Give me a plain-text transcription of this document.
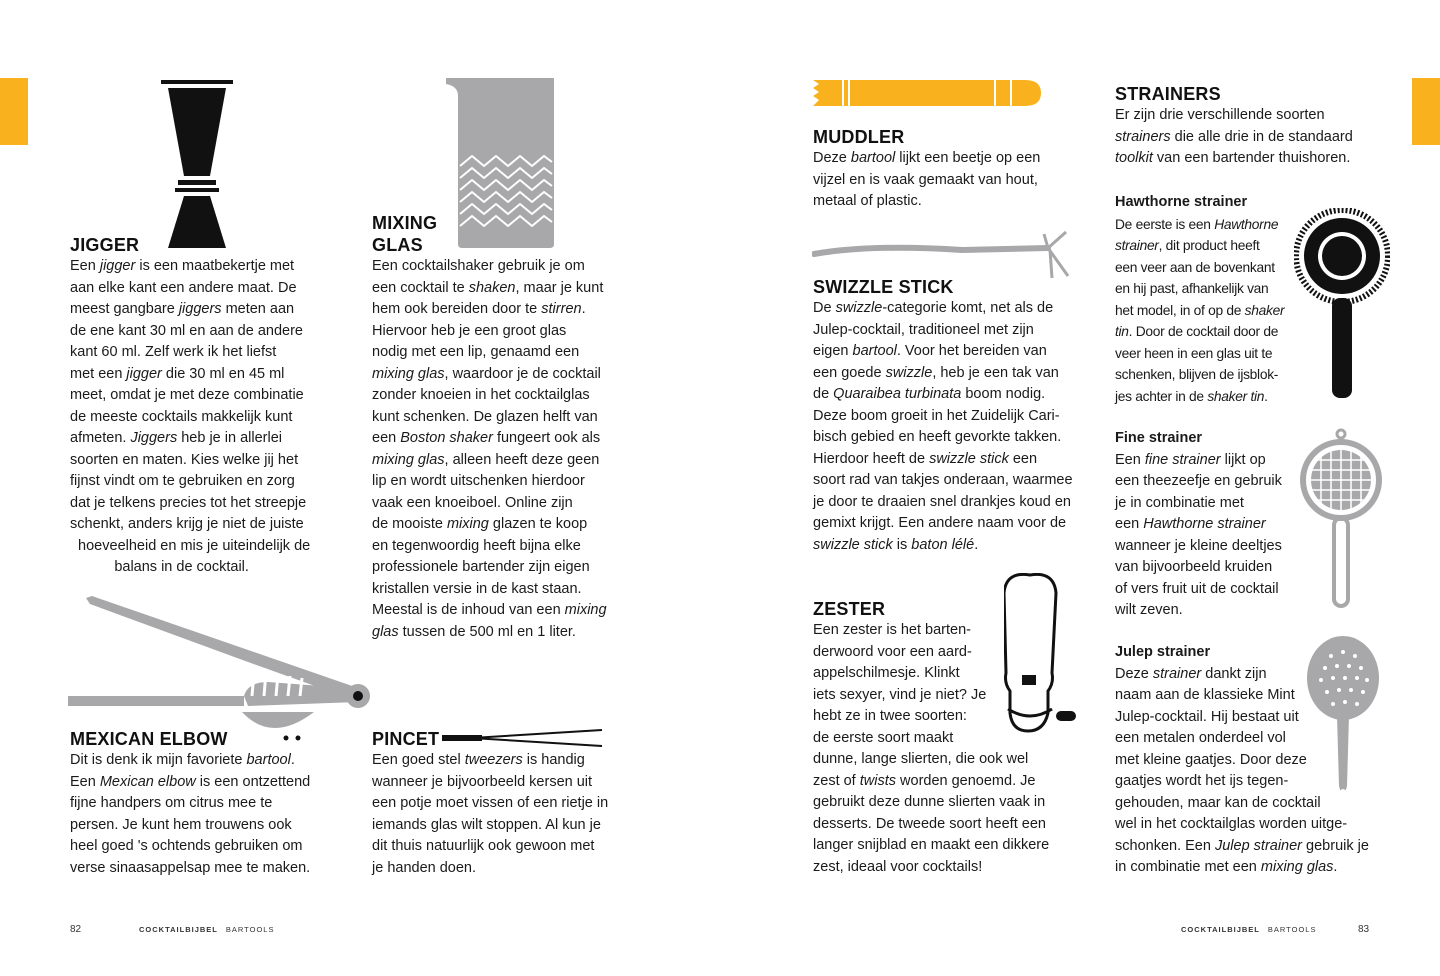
JIGGER
Een jigger is een maatbekertje met
aan elke kant een andere maat. De
meest gangbare jiggers meten aan
de ene kant 30 ml en aan de andere
kant 60 ml. Zelf werk ik het liefst
met een jigger die 30 ml en 45 ml
meet, omdat je met deze combinatie
de meeste cocktails makkelijk kunt
afmeten. Jiggers heb je in allerlei
soorten en maten. Kies welke jij het
fijnst vindt om te gebruiken en zorg
dat je telkens precies tot het streepje
schenkt, anders krijg je niet de juiste
hoeveelheid en mis je uiteindelijk de
balans in de cocktail.
MIXING
GLAS
Een cocktailshaker gebruik je om
een cocktail te shaken, maar je kunt
hem ook bereiden door te stirren.
Hiervoor heb je een groot glas
nodig met een lip, genaamd een
mixing glas, waardoor je de cocktail
zonder knoeien in het cocktailglas
kunt schenken. De glazen helft van
een Boston shaker fungeert ook als
mixing glas, alleen heeft deze geen
lip en wordt uitschenken hierdoor
vaak een knoeiboel. Online zijn
de mooiste mixing glazen te koop
en tegenwoordig heeft bijna elke
professionele bartender zijn eigen
kristallen versie in de kast staan.
Meestal is de inhoud van een mixing
glas tussen de 500 ml en 1 liter.
MEXICAN ELBOW
Dit is denk ik mijn favoriete bartool.
Een Mexican elbow is een ontzettend
fijne handpers om citrus mee te
persen. Je kunt hem trouwens ook
heel goed 's ochtends gebruiken om
verse sinaasappelsap mee te maken.
PINCET
Een goed stel tweezers is handig
wanneer je bijvoorbeeld kersen uit
een potje moet vissen of een rietje in
iemands glas wilt stoppen. Al kun je
dit thuis natuurlijk ook gewoon met
je handen doen.
MUDDLER
Deze bartool lijkt een beetje op een
vijzel en is vaak gemaakt van hout,
metaal of plastic.
SWIZZLE STICK
De swizzle-categorie komt, net als de
Julep-cocktail, traditioneel met zijn
eigen bartool. Voor het bereiden van
een goede swizzle, heb je een tak van
de Quaraibea turbinata boom nodig.
Deze boom groeit in het Zuidelijk Cari-
bisch gebied en heeft gevorkte takken.
Hierdoor heeft de swizzle stick een
soort rad van takjes onderaan, waarmee
je door te draaien snel drankjes koud en
gemixt krijgt. Een andere naam voor de
swizzle stick is baton lélé.
ZESTER
Een zester is het barten-
derwoord voor een aard-
appelschilmesje. Klinkt
iets sexyer, vind je niet? Je
hebt ze in twee soorten:
de eerste soort maakt
dunne, lange slierten, die ook wel
zest of twists worden genoemd. Je
gebruikt deze dunne slierten vaak in
desserts. De tweede soort heeft een
langer snijblad en maakt een dikkere
zest, ideaal voor cocktails!
STRAINERS
Er zijn drie verschillende soorten
strainers die alle drie in de standaard
toolkit van een bartender thuishoren.
Hawthorne strainer
De eerste is een Hawthorne
strainer, dit product heeft
een veer aan de bovenkant
en hij past, afhankelijk van
het model, in of op de shaker
tin. Door de cocktail door de
veer heen in een glas uit te
schenken, blijven de ijsblok-
jes achter in de shaker tin.
Fine strainer
Een fine strainer lijkt op
een theezeefje en gebruik
je in combinatie met
een Hawthorne strainer
wanneer je kleine deeltjes
van bijvoorbeeld kruiden
of vers fruit uit de cocktail
wilt zeven.
Julep strainer
Deze strainer dankt zijn
naam aan de klassieke Mint
Julep-cocktail. Hij bestaat uit
een metalen onderdeel vol
met kleine gaatjes. Door deze
gaatjes wordt het ijs tegen-
gehouden, maar kan de cocktail
wel in het cocktailglas worden uitge-
schonken. Een Julep strainer gebruik je
in combinatie met een mixing glas.
82	COCKTAILBIJBEL BARTOOLS	COCKTAILBIJBEL BARTOOLS	83
